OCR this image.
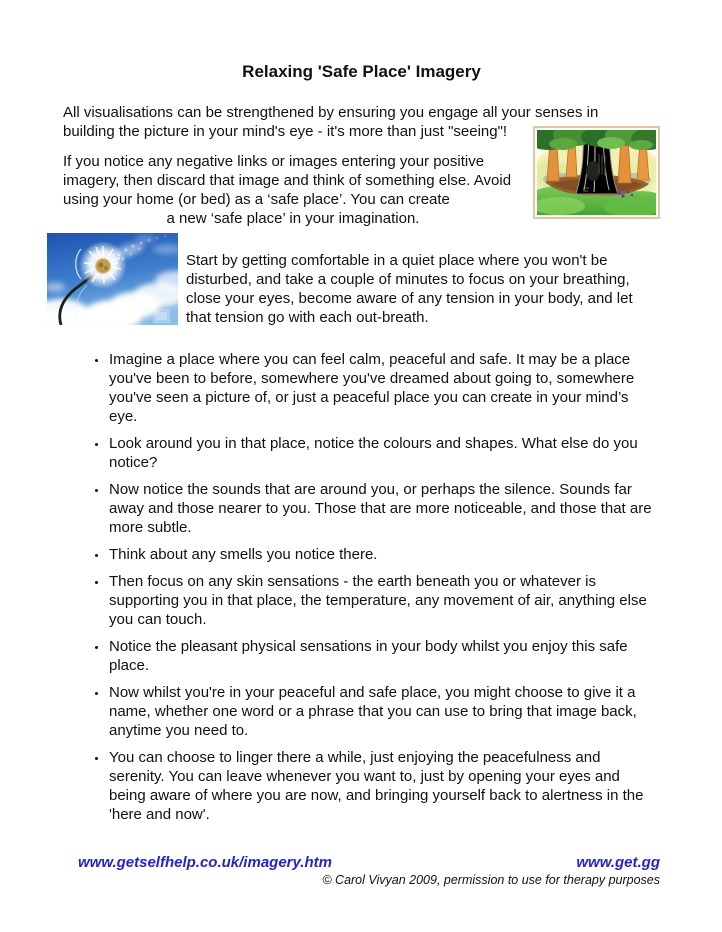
Relaxing 'Safe Place' Imagery

All visualisations can be strengthened by ensuring you engage all your senses in

building the picture in your mind's eye - it's more than just "seeing"!

If you notice any negative links or images entering your positive imagery, then discard that image and think of something else. Avoid using your home (or bed) as a ‘safe place’. You can create

a new ‘safe place’ in your imagination.

Start by getting comfortable in a quiet place where you won't be disturbed, and take a couple of minutes to focus on your breathing, close your eyes, become aware of any tension in your body, and let that tension go with each out-breath.

• Imagine a place where you can feel calm, peaceful and safe. It may be a place you've been to before, somewhere you've dreamed about going to, somewhere you've seen a picture of, or just a peaceful place you can create in your mind’s eye.
• Look around you in that place, notice the colours and shapes. What else do you notice?
• Now notice the sounds that are around you, or perhaps the silence. Sounds far away and those nearer to you. Those that are more noticeable, and those that are more subtle.
• Think about any smells you notice there.
• Then focus on any skin sensations - the earth beneath you or whatever is supporting you in that place, the temperature, any movement of air, anything else you can touch.
• Notice the pleasant physical sensations in your body whilst you enjoy this safe place.
• Now whilst you're in your peaceful and safe place, you might choose to give it a name, whether one word or a phrase that you can use to bring that image back, anytime you need to.
• You can choose to linger there a while, just enjoying the peacefulness and serenity. You can leave whenever you want to, just by opening your eyes and being aware of where you are now, and bringing yourself back to alertness in the 'here and now'.
www.getselfhelp.co.uk/imagery.htm	www.get.gg
© Carol Vivyan 2009, permission to use for therapy purposes
